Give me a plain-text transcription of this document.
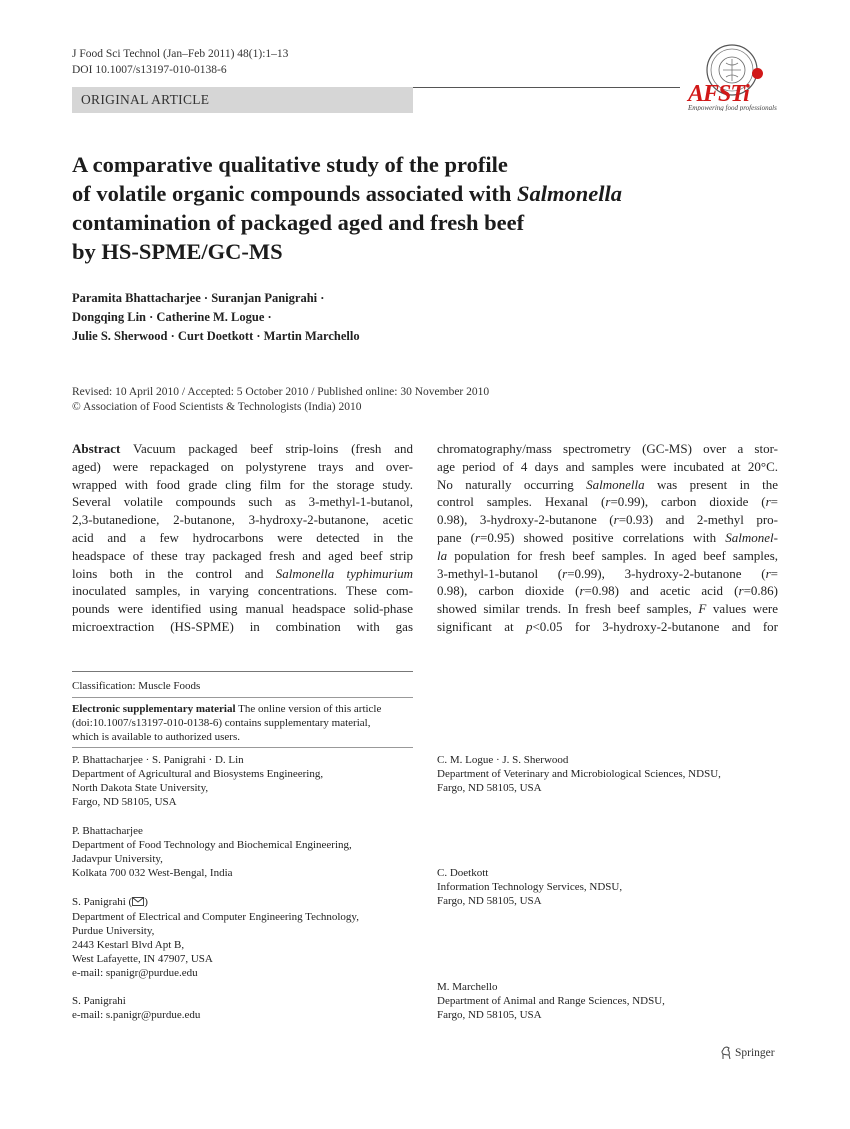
J Food Sci Technol (Jan–Feb 2011) 48(1):1–13
DOI 10.1007/s13197-010-0138-6
ORIGINAL ARTICLE	AFSTi
Empowering food professionals
A comparative qualitative study of the profile
of volatile organic compounds associated with Salmonella
contamination of packaged aged and fresh beef
by HS-SPME/GC-MS
Paramita Bhattacharjee · Suranjan Panigrahi ·
Dongqing Lin · Catherine M. Logue ·
Julie S. Sherwood · Curt Doetkott · Martin Marchello
Revised: 10 April 2010 / Accepted: 5 October 2010 / Published online: 30 November 2010
© Association of Food Scientists & Technologists (India) 2010
Abstract Vacuum packaged beef strip-loins (fresh and
aged) were repackaged on polystyrene trays and over-
wrapped with food grade cling film for the storage study.
Several volatile compounds such as 3-methyl-1-butanol,
2,3-butanedione, 2-butanone, 3-hydroxy-2-butanone, acetic
acid and a few hydrocarbons were detected in the
headspace of these tray packaged fresh and aged beef strip
loins both in the control and Salmonella typhimurium
inoculated samples, in varying concentrations. These com-
pounds were identified using manual headspace solid-phase
microextraction (HS-SPME) in combination with gas
chromatography/mass spectrometry (GC-MS) over a stor-
age period of 4 days and samples were incubated at 20°C.
No naturally occurring Salmonella was present in the
control samples. Hexanal (r=0.99), carbon dioxide (r=
0.98), 3-hydroxy-2-butanone (r=0.93) and 2-methyl pro-
pane (r=0.95) showed positive correlations with Salmonel-
la population for fresh beef samples. In aged beef samples,
3-methyl-1-butanol (r=0.99), 3-hydroxy-2-butanone (r=
0.98), carbon dioxide (r=0.98) and acetic acid (r=0.86)
showed similar trends. In fresh beef samples, F values were
significant at p<0.05 for 3-hydroxy-2-butanone and for
Classification: Muscle Foods
Electronic supplementary material The online version of this article
(doi:10.1007/s13197-010-0138-6) contains supplementary material,
which is available to authorized users.
P. Bhattacharjee · S. Panigrahi · D. Lin
Department of Agricultural and Biosystems Engineering,
North Dakota State University,
Fargo, ND 58105, USA
P. Bhattacharjee
Department of Food Technology and Biochemical Engineering,
Jadavpur University,
Kolkata 700 032 West-Bengal, India
S. Panigrahi ( )
Department of Electrical and Computer Engineering Technology,
Purdue University,
2443 Kestarl Blvd Apt B,
West Lafayette, IN 47907, USA
e-mail: spanigr@purdue.edu
S. Panigrahi
e-mail: s.panigr@purdue.edu
C. M. Logue · J. S. Sherwood
Department of Veterinary and Microbiological Sciences, NDSU,
Fargo, ND 58105, USA
C. Doetkott
Information Technology Services, NDSU,
Fargo, ND 58105, USA
M. Marchello
Department of Animal and Range Sciences, NDSU,
Fargo, ND 58105, USA
Springer
